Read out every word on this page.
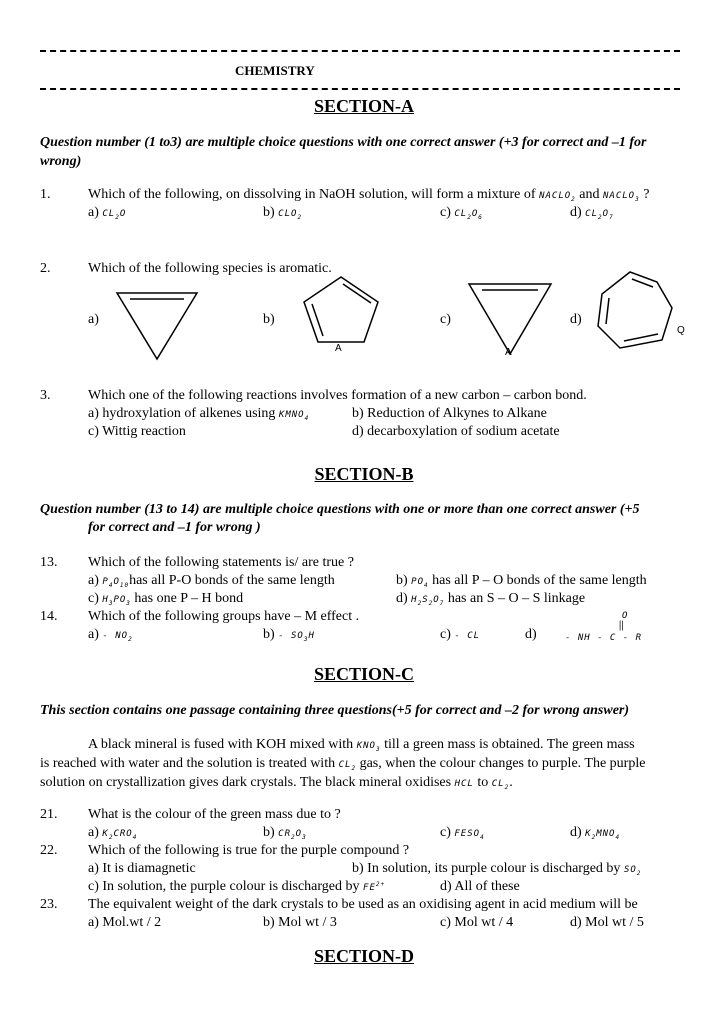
CHEMISTRY
SECTION-A
Question number (1 to3) are multiple choice questions with one correct answer (+3 for correct and –1 for
wrong)
1.	Which of the following, on dissolving in NaOH solution, will form a mixture of $NACLO_2$ and $NACLO_3$ ?
a) $CL_2O$	b) $CLO_2$	c) $CL_2O_6$	d) $CL_2O_7$
2.	Which of the following species is aromatic.
a)	b)
A
c)
A
d)
Q
3.	Which one of the following reactions involves formation of a new carbon – carbon bond.
a) hydroxylation of alkenes using $KMNO_4$	b) Reduction of Alkynes to Alkane
c) Wittig reaction	d) decarboxylation of sodium acetate
SECTION-B
Question number (13 to 14) are multiple choice questions with one or more than one correct answer (+5
for correct and –1 for wrong )
13. Which of the following statements is/ are true ?
a) $P_4O_{10}has$ all P-O bonds of the same length	b) $PO_4$ has all P – O bonds of the same length
c) $H_3PO_3$ has one P – H bond	d) $H_2S_2O_7$ has an S – O – S linkage
14. Which of the following groups have – M effect .
$a) - NO_2$	$b) - SO_3H$	c) - CL	d)
O
||
- NH - C - R
SECTION-C
This section contains one passage containing three questions(+5 for correct and –2 for wrong answer)
A black mineral is fused with KOH mixed with $KNO_3$ till a green mass is obtained. The green mass
is reached with water and the solution is treated with $CL_2$ gas, when the colour changes to purple. The purple
solution on crystallization gives dark crystals. The black mineral oxidises HCL to $CL_2$.
21. What is the colour of the green mass due to ?
a) $K_2CRO_4$	b) $CR_2O_3$	c) $FESO_4$	d) $K_2MNO_4$
22. Which of the following is true for the purple compound ?
a) It is diamagnetic	b) In solution, its purple colour is discharged by $SO_2$
c) In solution, the purple colour is discharged by $FE^{2+}$	d) All of these
23. The equivalent weight of the dark crystals to be used as an oxidising agent in acid medium will be
a) Mol.wt / 2	b) Mol wt / 3	c) Mol wt / 4	d) Mol wt / 5
SECTION-D
